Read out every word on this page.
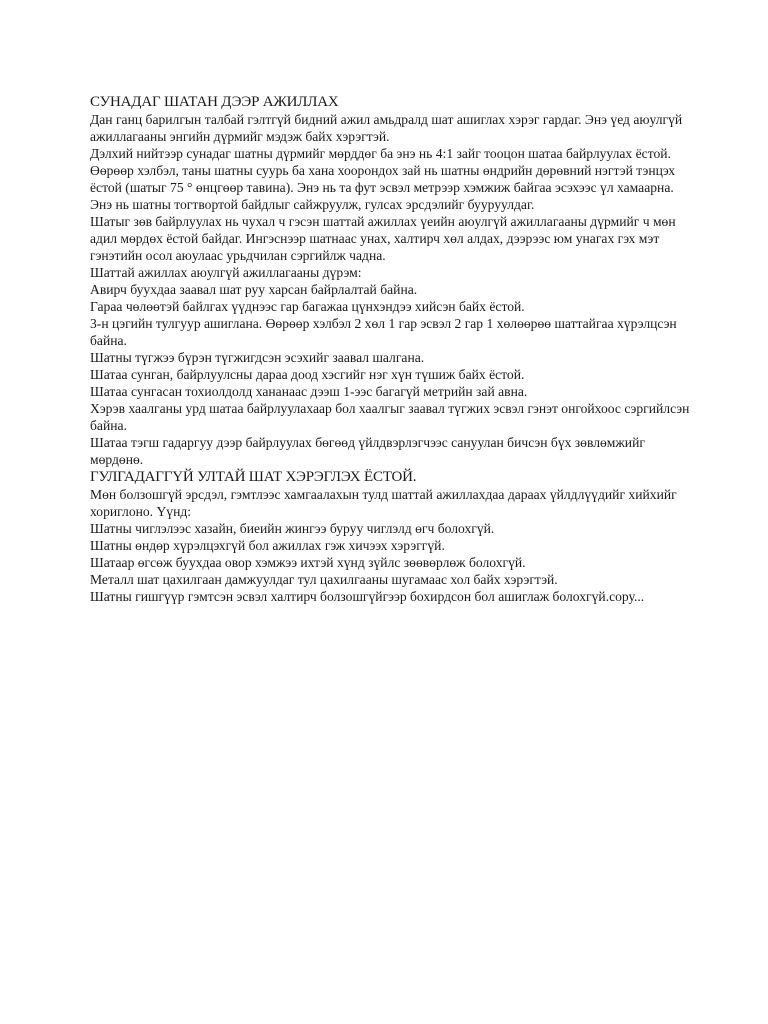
СУНАДАГ ШАТАН ДЭЭР АЖИЛЛАХ
Дан ганц барилгын талбай гэлтгүй бидний ажил амьдралд шат ашиглах хэрэг гардаг. Энэ үед аюулгүй ажиллагааны энгийн дүрмийг мэдэж байх хэрэгтэй.
Дэлхий нийтээр сунадаг шатны дүрмийг мөрддөг ба энэ нь 4:1 зайг тооцон шатаа байрлуулах ёстой. Өөрөөр хэлбэл, таны шатны суурь ба хана хоорондох зай нь шатны өндрийн дөрөвний нэгтэй тэнцэх ёстой (шатыг 75 ° өнцгөөр тавина). Энэ нь та фут эсвэл метрээр хэмжиж байгаа эсэхээс үл хамаарна. Энэ нь шатны тогтвортой байдлыг сайжруулж, гулсах эрсдэлийг бууруулдаг.
Шатыг зөв байрлуулах нь чухал ч гэсэн шаттай ажиллах үеийн аюулгүй ажиллагааны дүрмийг ч мөн адил мөрдөх ёстой байдаг. Ингэснээр шатнаас унах, халтирч хөл алдах, дээрээс юм унагах гэх мэт гэнэтийн осол аюулаас урьдчилан сэргийлж чадна.
Шаттай ажиллах аюулгүй ажиллагааны дүрэм:
Авирч буухдаа заавал шат руу харсан байрлалтай байна.
Гараа чөлөөтэй байлгах үүднээс гар багажаа цүнхэндээ хийсэн байх ёстой.
3-н цэгийн тулгуур ашиглана. Өөрөөр хэлбэл 2 хөл 1 гар эсвэл 2 гар 1 хөлөөрөө шаттайгаа хүрэлцсэн байна.
Шатны түгжээ бүрэн түгжигдсэн эсэхийг заавал шалгана.
Шатаа сунган, байрлуулсны дараа доод хэсгийг нэг хүн түшиж байх ёстой.
Шатаа сунгасан тохиолдолд хананаас дээш 1-ээс багагүй метрийн зай авна.
Хэрэв хаалганы урд шатаа байрлуулахаар бол хаалгыг заавал түгжих эсвэл гэнэт онгойхоос сэргийлсэн байна.
Шатаа тэгш гадаргуу дээр байрлуулах бөгөөд үйлдвэрлэгчээс сануулан бичсэн бүх зөвлөмжийг мөрдөнө.
ГУЛГАДАГГҮЙ УЛТАЙ ШАТ ХЭРЭГЛЭХ ЁСТОЙ.
Мөн болзошгүй эрсдэл, гэмтлээс хамгаалахын тулд шаттай ажиллахдаа дараах үйлдлүүдийг хийхийг хориглоно. Үүнд:
Шатны чиглэлээс хазайн, биеийн жингээ буруу чиглэлд өгч болохгүй.
Шатны өндөр хүрэлцэхгүй бол ажиллах гэж хичээх хэрэггүй.
Шатаар өгсөж буухдаа овор хэмжээ ихтэй хүнд зүйлс зөөвөрлөж болохгүй.
Металл шат цахилгаан дамжуулдаг тул цахилгааны шугамаас хол байх хэрэгтэй.
Шатны гишгүүр гэмтсэн эсвэл халтирч болзошгүйгээр бохирдсон бол ашиглаж болохгүй.сору...
